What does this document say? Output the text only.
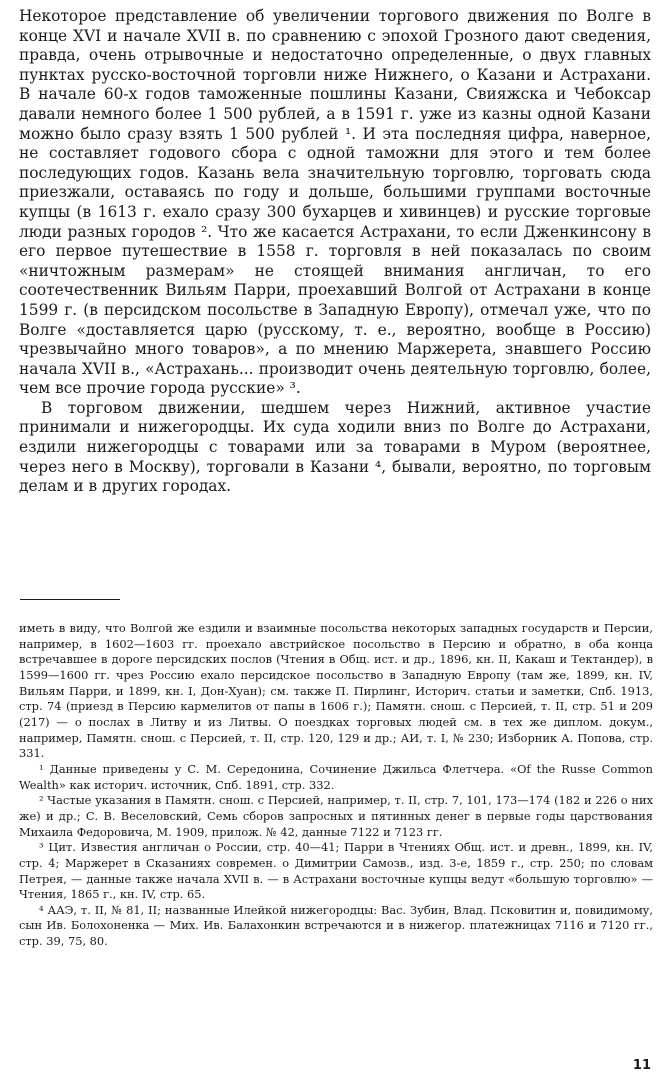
Некоторое представление об увеличении торгового движения по Волге в конце XVI и начале XVII в. по сравнению с эпохой Грозного дают сведения, правда, очень отрывочные и недостаточно определенные, о двух главных пунктах русско-восточной торговли ниже Нижнего, о Казани и Астрахани. В начале 60-х годов таможенные пошлины Казани, Свияжска и Чебоксар давали немного более 1 500 рублей, а в 1591 г. уже из казны одной Казани можно было сразу взять 1 500 рублей ¹. И эта последняя цифра, наверное, не составляет годового сбора с одной таможни для этого и тем более последующих годов. Казань вела значительную торговлю, торговать сюда приезжали, оставаясь по году и дольше, большими группами восточные купцы (в 1613 г. ехало сразу 300 бухарцев и хивинцев) и русские торговые люди разных городов ². Что же касается Астрахани, то если Дженкинсону в его первое путешествие в 1558 г. торговля в ней показалась по своим «ничтожным размерам» не стоящей внимания англичан, то его соотечественник Вильям Парри, проехавший Волгой от Астрахани в конце 1599 г. (в персидском посольстве в Западную Европу), отмечал уже, что по Волге «доставляется царю (русскому, т. е., вероятно, вообще в Россию) чрезвычайно много товаров», а по мнению Маржерета, знавшего Россию начала XVII в., «Астрахань... производит очень деятельную торговлю, более, чем все прочие города русские» ³.

В торговом движении, шедшем через Нижний, активное участие принимали и нижегородцы. Их суда ходили вниз по Волге до Астрахани, ездили нижегородцы с товарами или за товарами в Муром (вероятнее, через него в Москву), торговали в Казани ⁴, бывали, вероятно, по торговым делам и в других городах.

иметь в виду, что Волгой же ездили и взаимные посольства некоторых западных государств и Персии, например, в 1602—1603 гг. проехало австрийское посольство в Персию и обратно, в оба конца встречавшее в дороге персидских послов (Чтения в Общ. ист. и др., 1896, кн. II, Какаш и Тектандер), в 1599—1600 гг. чрез Россию ехало персидское посольство в Западную Европу (там же, 1899, кн. IV, Вильям Парри, и 1899, кн. I, Дон-Хуан); см. также П. Пирлинг, Историч. статьи и заметки, Спб. 1913, стр. 74 (приезд в Персию кармелитов от папы в 1606 г.); Памятн. снош. с Персией, т. II, стр. 51 и 209 (217) — о послах в Литву и из Литвы. О поездках торговых людей см. в тех же диплом. докум., например, Памятн. снош. с Персией, т. II, стр. 120, 129 и др.; АИ, т. I, № 230; Изборник А. Попова, стр. 331.

¹ Данные приведены у С. М. Середонина, Сочинение Джильса Флетчера. «Of the Russe Common Wealth» как историч. источник, Спб. 1891, стр. 332.

² Частые указания в Памятн. снош. с Персией, например, т. II, стр. 7, 101, 173—174 (182 и 226 о них же) и др.; С. В. Веселовский, Семь сборов запросных и пятинных денег в первые годы царствования Михаила Федоровича, М. 1909, прилож. № 42, данные 7122 и 7123 гг.

³ Цит. Известия англичан о России, стр. 40—41; Парри в Чтениях Общ. ист. и древн., 1899, кн. IV, стр. 4; Маржерет в Сказаниях современ. о Димитрии Самозв., изд. 3-е, 1859 г., стр. 250; по словам Петрея, — данные также начала XVII в. — в Астрахани восточные купцы ведут «большую торговлю» — Чтения, 1865 г., кн. IV, стр. 65.

⁴ ААЭ, т. II, № 81, II; названные Илейкой нижегородцы: Вас. Зубин, Влад. Псковитин и, повидимому, сын Ив. Болохоненка — Мих. Ив. Балахонкин встречаются и в нижегор. платежницах 7116 и 7120 гг., стр. 39, 75, 80.

11
